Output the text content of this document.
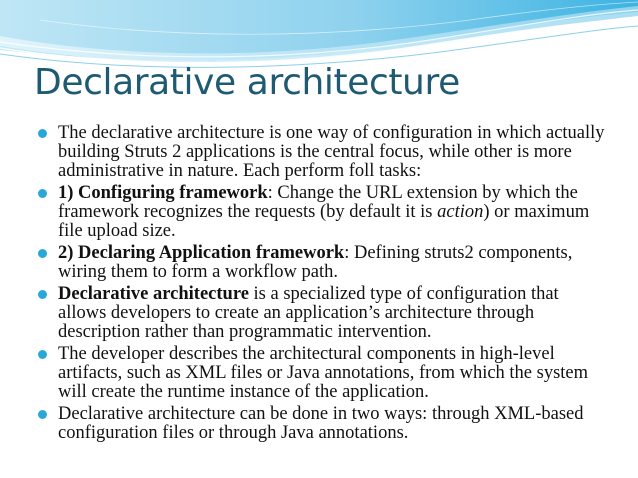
Declarative architecture
The declarative architecture is one way of configuration in which actually building Struts 2 applications is the central focus, while other is more administrative in nature. Each perform foll tasks:
1) Configuring framework: Change the URL extension by which the framework recognizes the requests (by default it is action) or maximum file upload size.
2) Declaring Application framework: Defining struts2 components, wiring them to form a workflow path.
Declarative architecture is a specialized type of configuration that allows developers to create an application’s architecture through description rather than programmatic intervention.
The developer describes the architectural components in high-level artifacts, such as XML files or Java annotations, from which the system will create the runtime instance of the application.
Declarative architecture can be done in two ways: through XML-based configuration files or through Java annotations.
